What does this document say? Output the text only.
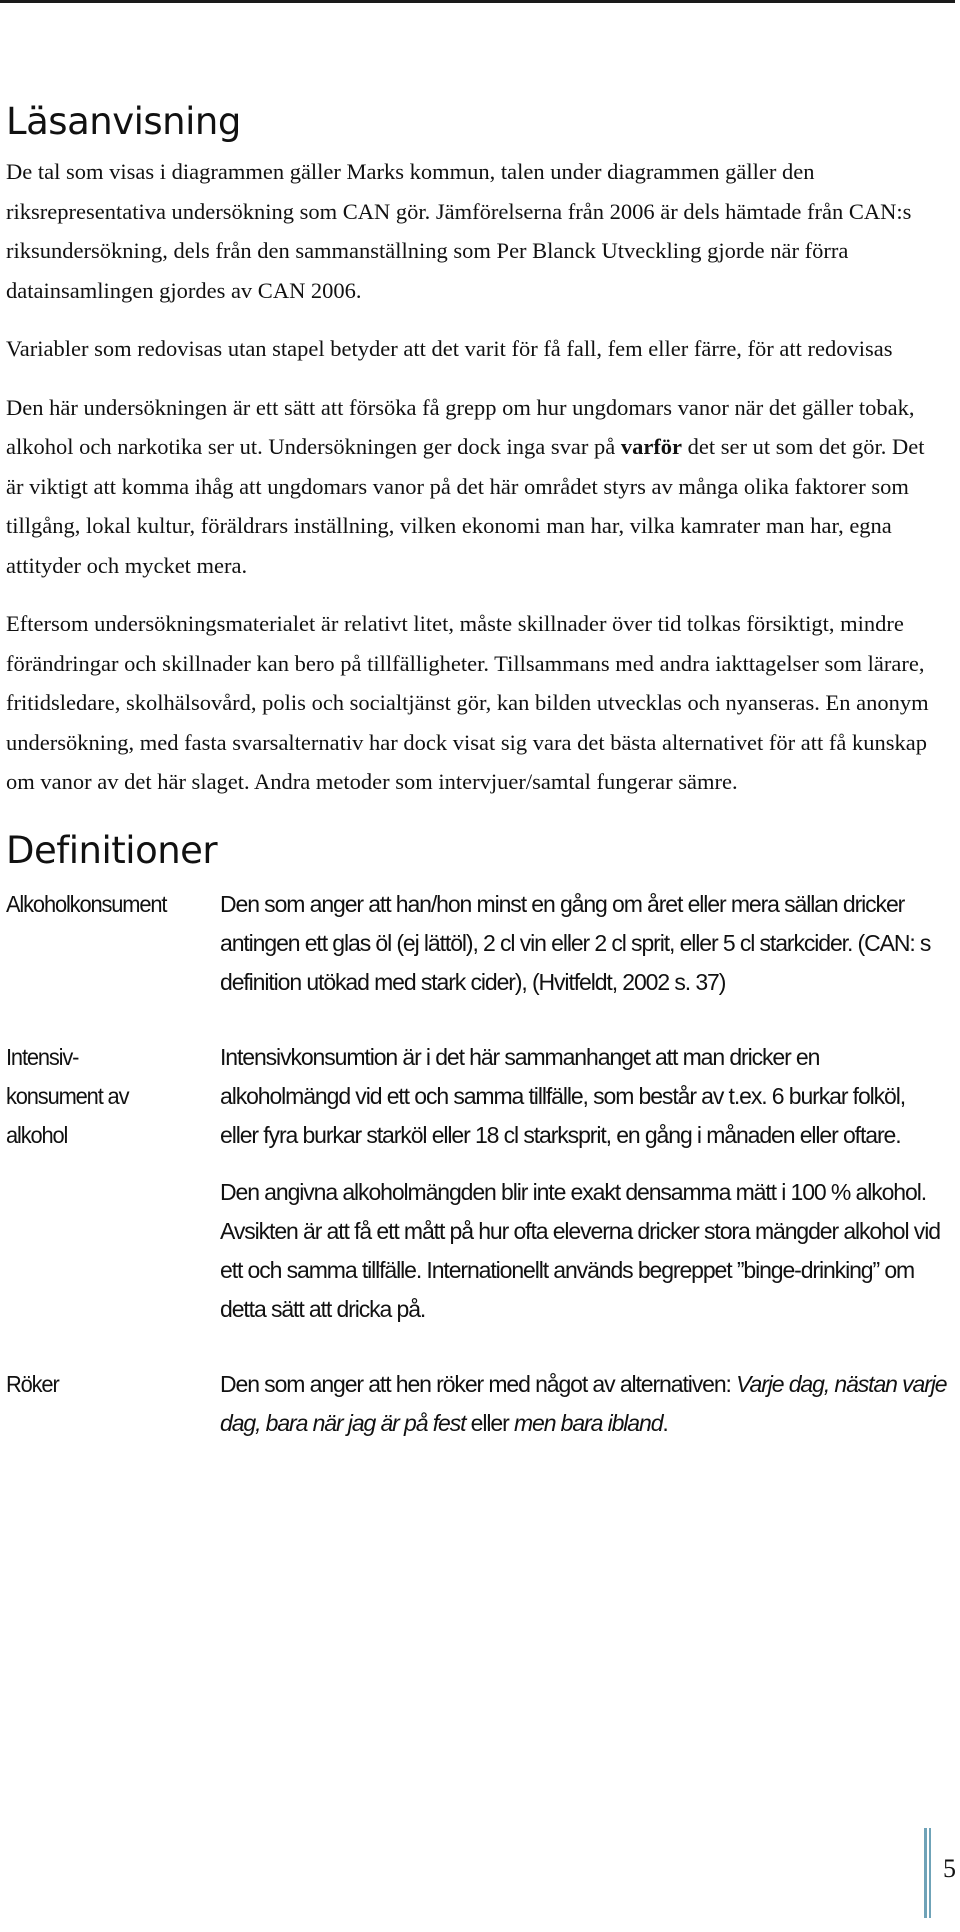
Läsanvisning

De tal som visas i diagrammen gäller Marks kommun, talen under diagrammen gäller den riksrepresentativa undersökning som CAN gör. Jämförelserna från 2006 är dels hämtade från CAN:s riksundersökning, dels från den sammanställning som Per Blanck Utveckling gjorde när förra datainsamlingen gjordes av CAN 2006.

Variabler som redovisas utan stapel betyder att det varit för få fall, fem eller färre, för att redovisas

Den här undersökningen är ett sätt att försöka få grepp om hur ungdomars vanor när det gäller tobak, alkohol och narkotika ser ut. Undersökningen ger dock inga svar på varför det ser ut som det gör. Det är viktigt att komma ihåg att ungdomars vanor på det här området styrs av många olika faktorer som tillgång, lokal kultur, föräldrars inställning, vilken ekonomi man har, vilka kamrater man har, egna attityder och mycket mera.

Eftersom undersökningsmaterialet är relativt litet, måste skillnader över tid tolkas försiktigt, mindre förändringar och skillnader kan bero på tillfälligheter. Tillsammans med andra iakttagelser som lärare, fritidsledare, skolhälsovård, polis och socialtjänst gör, kan bilden utvecklas och nyanseras. En anonym undersökning, med fasta svarsalternativ har dock visat sig vara det bästa alternativet för att få kunskap om vanor av det här slaget. Andra metoder som intervjuer/samtal fungerar sämre.

Definitioner
Alkoholkonsument	Den som anger att han/hon minst en gång om året eller mera sällan dricker antingen ett glas öl (ej lättöl), 2 cl vin eller 2 cl sprit, eller 5 cl starkcider. (CAN: s definition utökad med stark cider), (Hvitfeldt, 2002 s. 37)

Intensiv-
konsument av
alkohol

Intensivkonsumtion är i det här sammanhanget att man dricker en alkoholmängd vid ett och samma tillfälle, som består av t.ex. 6 burkar folköl, eller fyra burkar starköl eller 18 cl starksprit, en gång i månaden eller oftare.

Den angivna alkoholmängden blir inte exakt densamma mätt i 100 % alkohol. Avsikten är att få ett mått på hur ofta eleverna dricker stora mängder alkohol vid ett och samma tillfälle. Internationellt används begreppet ”binge-drinking” om detta sätt att dricka på.

Röker	Den som anger att hen röker med något av alternativen: Varje dag, nästan varje dag, bara när jag är på fest eller men bara ibland.

5
